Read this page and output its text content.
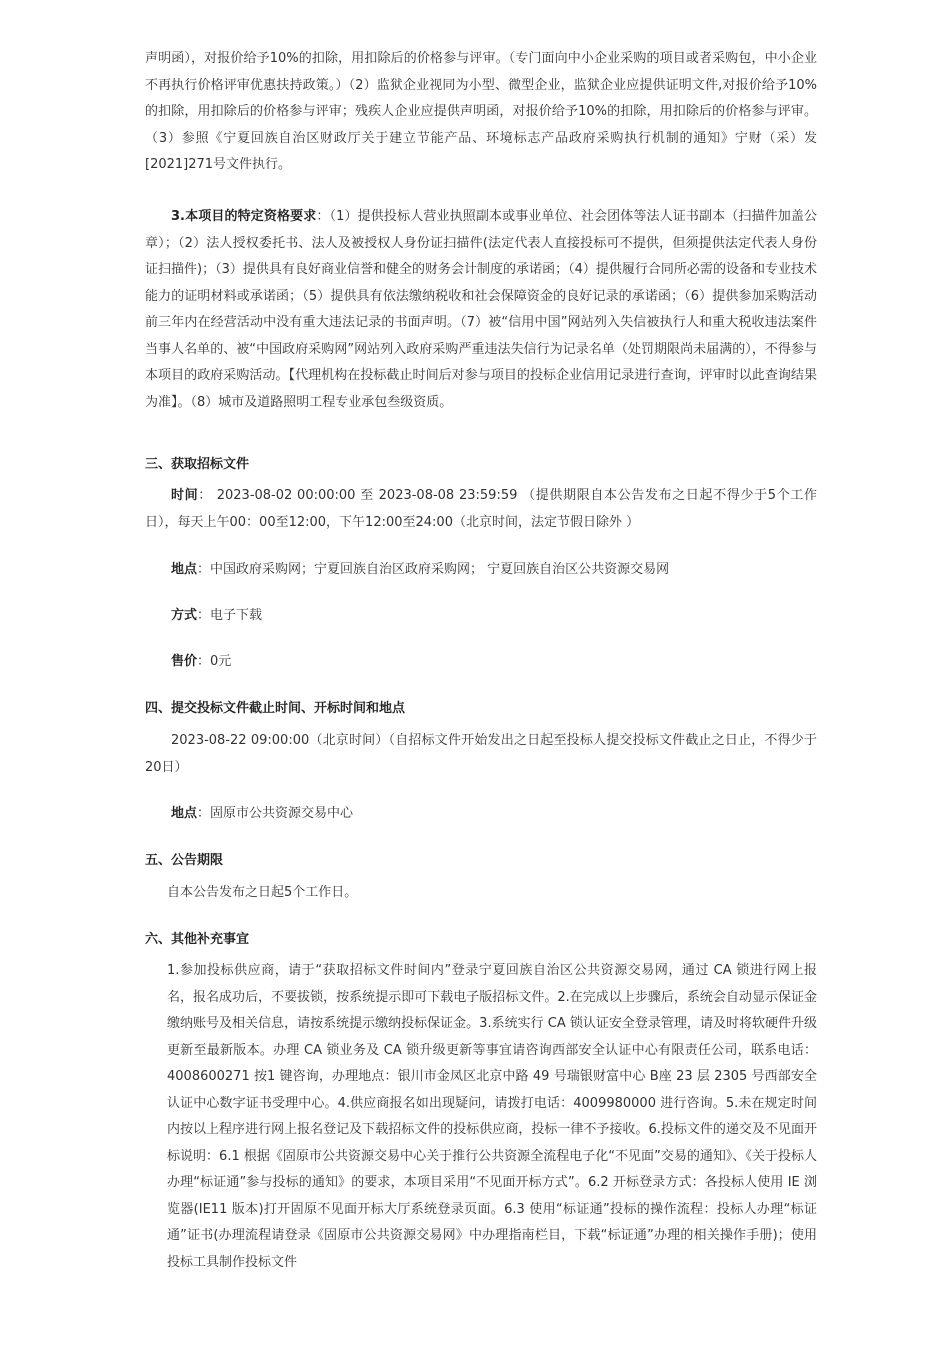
声明函），对报价给予10%的扣除，用扣除后的价格参与评审。（专门面向中小企业采购的项目或者采购包，中小企业不再执行价格评审优惠扶持政策。）（2）监狱企业视同为小型、微型企业，监狱企业应提供证明文件,对报价给予10%的扣除，用扣除后的价格参与评审；残疾人企业应提供声明函，对报价给予10%的扣除，用扣除后的价格参与评审。（3）参照《宁夏回族自治区财政厅关于建立节能产品、环境标志产品政府采购执行机制的通知》宁财（采）发[2021]271号文件执行。

3.本项目的特定资格要求：（1）提供投标人营业执照副本或事业单位、社会团体等法人证书副本（扫描件加盖公章）；（2）法人授权委托书、法人及被授权人身份证扫描件(法定代表人直接投标可不提供，但须提供法定代表人身份证扫描件)；（3）提供具有良好商业信誉和健全的财务会计制度的承诺函；（4）提供履行合同所必需的设备和专业技术能力的证明材料或承诺函；（5）提供具有依法缴纳税收和社会保障资金的良好记录的承诺函；（6）提供参加采购活动前三年内在经营活动中没有重大违法记录的书面声明。（7）被“信用中国”网站列入失信被执行人和重大税收违法案件当事人名单的、被“中国政府采购网”网站列入政府采购严重违法失信行为记录名单（处罚期限尚未届满的），不得参与本项目的政府采购活动。【代理机构在投标截止时间后对参与项目的投标企业信用记录进行查询，评审时以此查询结果为准】。（8）城市及道路照明工程专业承包叁级资质。

三、获取招标文件

时间： 2023-08-02 00:00:00 至 2023-08-08 23:59:59 （提供期限自本公告发布之日起不得少于5个工作日），每天上午00：00至12:00，下午12:00至24:00（北京时间，法定节假日除外 ）

地点：中国政府采购网；宁夏回族自治区政府采购网； 宁夏回族自治区公共资源交易网

方式：电子下载

售价：0元

四、提交投标文件截止时间、开标时间和地点

2023-08-22 09:00:00（北京时间）（自招标文件开始发出之日起至投标人提交投标文件截止之日止，不得少于20日）

地点：固原市公共资源交易中心

五、公告期限

自本公告发布之日起5个工作日。

六、其他补充事宜

1.参加投标供应商，请于“获取招标文件时间内”登录宁夏回族自治区公共资源交易网，通过 CA 锁进行网上报名，报名成功后，不要拔锁，按系统提示即可下载电子版招标文件。2.在完成以上步骤后，系统会自动显示保证金缴纳账号及相关信息，请按系统提示缴纳投标保证金。3.系统实行 CA 锁认证安全登录管理，请及时将软硬件升级更新至最新版本。办理 CA 锁业务及 CA 锁升级更新等事宜请咨询西部安全认证中心有限责任公司，联系电话：4008600271 按1 键咨询，办理地点：银川市金凤区北京中路 49 号瑞银财富中心 B座 23 层 2305 号西部安全认证中心数字证书受理中心。4.供应商报名如出现疑问，请拨打电话：4009980000 进行咨询。5.未在规定时间内按以上程序进行网上报名登记及下载招标文件的投标供应商，投标一律不予接收。6.投标文件的递交及不见面开标说明：6.1 根据《固原市公共资源交易中心关于推行公共资源全流程电子化“不见面”交易的通知》、《关于投标人办理“标证通”参与投标的通知》的要求，本项目采用“不见面开标方式”。6.2 开标登录方式：各投标人使用 IE 浏览器(IE11 版本)打开固原不见面开标大厅系统登录页面。6.3 使用“标证通”投标的操作流程：投标人办理“标证通”证书(办理流程请登录《固原市公共资源交易网》中办理指南栏目，下载“标证通”办理的相关操作手册)；使用投标工具制作投标文件
